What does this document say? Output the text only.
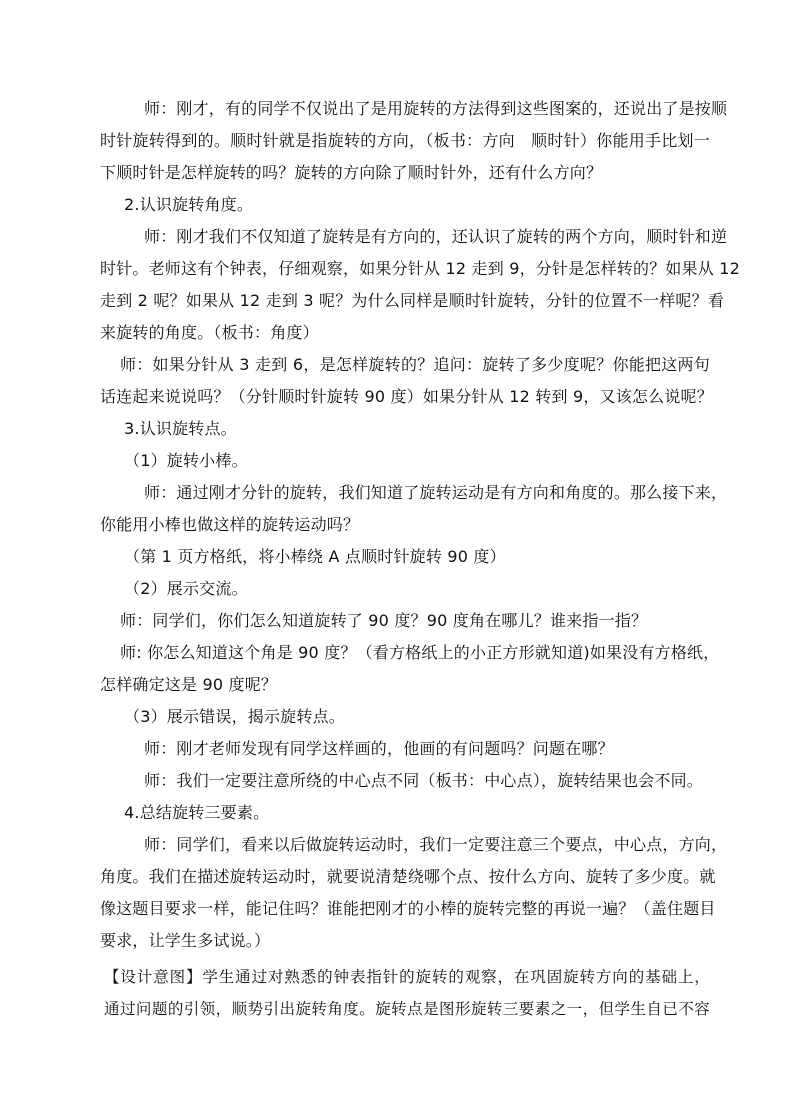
师：刚才，有的同学不仅说出了是用旋转的方法得到这些图案的，还说出了是按顺
时针旋转得到的。顺时针就是指旋转的方向，（板书：方向　顺时针）你能用手比划一
下顺时针是怎样旋转的吗？旋转的方向除了顺时针外，还有什么方向？
2.认识旋转角度。
师：刚才我们不仅知道了旋转是有方向的，还认识了旋转的两个方向，顺时针和逆
时针。老师这有个钟表，仔细观察，如果分针从 12 走到 9，分针是怎样转的？如果从 12
走到 2 呢？如果从 12 走到 3 呢？为什么同样是顺时针旋转，分针的位置不一样呢？看
来旋转的角度。（板书：角度）
师：如果分针从 3 走到 6，是怎样旋转的？追问：旋转了多少度呢？你能把这两句
话连起来说说吗？（分针顺时针旋转 90 度）如果分针从 12 转到 9，又该怎么说呢？
3.认识旋转点。
（1）旋转小棒。
师：通过刚才分针的旋转，我们知道了旋转运动是有方向和角度的。那么接下来，
你能用小棒也做这样的旋转运动吗？
（第 1 页方格纸，将小棒绕 A 点顺时针旋转 90 度）
（2）展示交流。
师：同学们，你们怎么知道旋转了 90 度？90 度角在哪儿？谁来指一指？
师: 你怎么知道这个角是 90 度？（看方格纸上的小正方形就知道)如果没有方格纸，
怎样确定这是 90 度呢？
（3）展示错误，揭示旋转点。
师：刚才老师发现有同学这样画的，他画的有问题吗？问题在哪？
师：我们一定要注意所绕的中心点不同（板书：中心点），旋转结果也会不同。
4.总结旋转三要素。
师：同学们，看来以后做旋转运动时，我们一定要注意三个要点，中心点，方向，
角度。我们在描述旋转运动时，就要说清楚绕哪个点、按什么方向、旋转了多少度。就
像这题目要求一样，能记住吗？谁能把刚才的小棒的旋转完整的再说一遍？（盖住题目
要求，让学生多试说。）
【设计意图】学生通过对熟悉的钟表指针的旋转的观察，在巩固旋转方向的基础上，
通过问题的引领，顺势引出旋转角度。旋转点是图形旋转三要素之一，但学生自已不容
